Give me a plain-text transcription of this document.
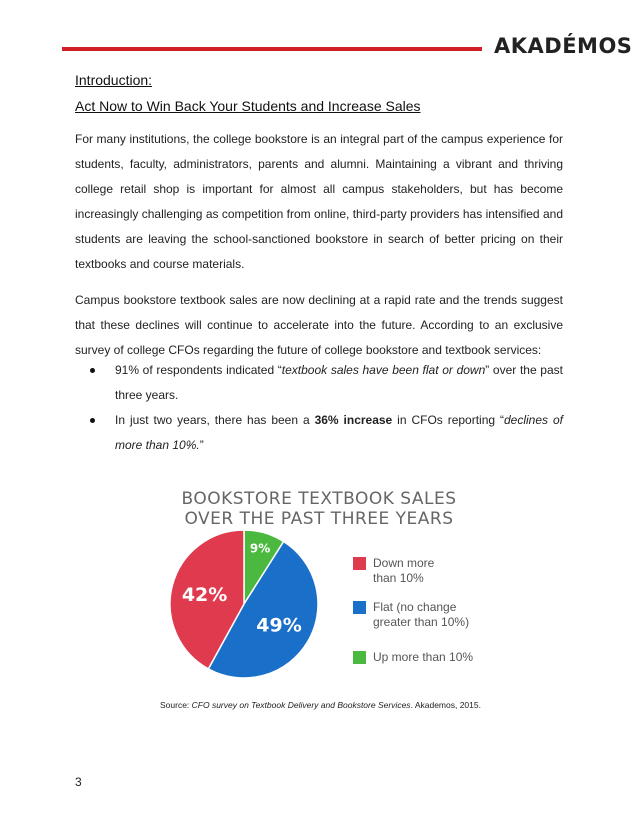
AKADÉMOS
Introduction:
Act Now to Win Back Your Students and Increase Sales
For many institutions, the college bookstore is an integral part of the campus experience for students, faculty, administrators, parents and alumni. Maintaining a vibrant and thriving college retail shop is important for almost all campus stakeholders, but has become increasingly challenging as competition from online, third-party providers has intensified and students are leaving the school-sanctioned bookstore in search of better pricing on their textbooks and course materials.
Campus bookstore textbook sales are now declining at a rapid rate and the trends suggest that these declines will continue to accelerate into the future. According to an exclusive survey of college CFOs regarding the future of college bookstore and textbook services:
91% of respondents indicated “textbook sales have been flat or down” over the past three years.
In just two years, there has been a 36% increase in CFOs reporting “declines of more than 10%.”
BOOKSTORE TEXTBOOK SALES
OVER THE PAST THREE YEARS
9%
49%
42%
Down more
than 10%
Flat (no change
greater than 10%)
Up more than 10%
Source: CFO survey on Textbook Delivery and Bookstore Services. Akademos, 2015.
3
